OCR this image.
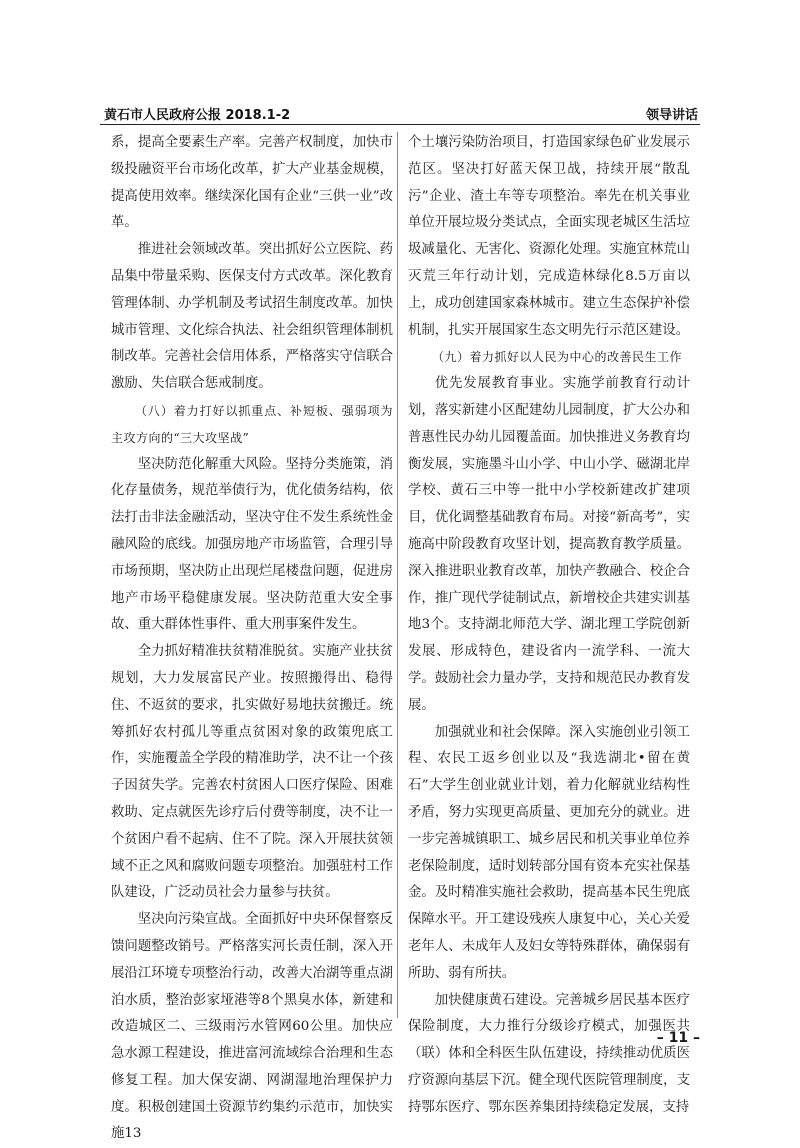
黄石市人民政府公报 2018.1-2	领导讲话

系，提高全要素生产率。完善产权制度，加快市级投融资平台市场化改革，扩大产业基金规模，提高使用效率。继续深化国有企业“三供一业”改革。

推进社会领域改革。突出抓好公立医院、药品集中带量采购、医保支付方式改革。深化教育管理体制、办学机制及考试招生制度改革。加快城市管理、文化综合执法、社会组织管理体制机制改革。完善社会信用体系，严格落实守信联合激励、失信联合惩戒制度。

（八）着力打好以抓重点、补短板、强弱项为主攻方向的“三大攻坚战”

坚决防范化解重大风险。坚持分类施策，消化存量债务，规范举债行为，优化债务结构，依法打击非法金融活动，坚决守住不发生系统性金融风险的底线。加强房地产市场监管，合理引导市场预期，坚决防止出现烂尾楼盘问题，促进房地产市场平稳健康发展。坚决防范重大安全事故、重大群体性事件、重大刑事案件发生。

全力抓好精准扶贫精准脱贫。实施产业扶贫规划，大力发展富民产业。按照搬得出、稳得住、不返贫的要求，扎实做好易地扶贫搬迁。统筹抓好农村孤儿等重点贫困对象的政策兜底工作，实施覆盖全学段的精准助学，决不让一个孩子因贫失学。完善农村贫困人口医疗保险、困难救助、定点就医先诊疗后付费等制度，决不让一个贫困户看不起病、住不了院。深入开展扶贫领域不正之风和腐败问题专项整治。加强驻村工作队建设，广泛动员社会力量参与扶贫。

坚决向污染宣战。全面抓好中央环保督察反馈问题整改销号。严格落实河长责任制，深入开展沿江环境专项整治行动，改善大冶湖等重点湖泊水质，整治彭家垭港等8个黑臭水体，新建和改造城区二、三级雨污水管网60公里。加快应急水源工程建设，推进富河流域综合治理和生态修复工程。加大保安湖、网湖湿地治理保护力度。积极创建国土资源节约集约示范市，加快实施13

个土壤污染防治项目，打造国家绿色矿业发展示范区。坚决打好蓝天保卫战，持续开展“散乱污”企业、渣土车等专项整治。率先在机关事业单位开展垃圾分类试点，全面实现老城区生活垃圾减量化、无害化、资源化处理。实施宜林荒山灭荒三年行动计划，完成造林绿化8.5万亩以上，成功创建国家森林城市。建立生态保护补偿机制，扎实开展国家生态文明先行示范区建设。

（九）着力抓好以人民为中心的改善民生工作

优先发展教育事业。实施学前教育行动计划，落实新建小区配建幼儿园制度，扩大公办和普惠性民办幼儿园覆盖面。加快推进义务教育均衡发展，实施墨斗山小学、中山小学、磁湖北岸学校、黄石三中等一批中小学校新建改扩建项目，优化调整基础教育布局。对接“新高考”，实施高中阶段教育攻坚计划，提高教育教学质量。深入推进职业教育改革，加快产教融合、校企合作，推广现代学徒制试点，新增校企共建实训基地3个。支持湖北师范大学、湖北理工学院创新发展、形成特色，建设省内一流学科、一流大学。鼓励社会力量办学，支持和规范民办教育发展。

加强就业和社会保障。深入实施创业引领工程、农民工返乡创业以及“我选湖北•留在黄石”大学生创业就业计划，着力化解就业结构性矛盾，努力实现更高质量、更加充分的就业。进一步完善城镇职工、城乡居民和机关事业单位养老保险制度，适时划转部分国有资本充实社保基金。及时精准实施社会救助，提高基本民生兜底保障水平。开工建设残疾人康复中心，关心关爱老年人、未成年人及妇女等特殊群体，确保弱有所助、弱有所扶。

加快健康黄石建设。完善城乡居民基本医疗保险制度，大力推行分级诊疗模式，加强医共（联）体和全科医生队伍建设，持续推动优质医疗资源向基层下沉。健全现代医院管理制度，支持鄂东医疗、鄂东医养集团持续稳定发展，支持

– 11 –
